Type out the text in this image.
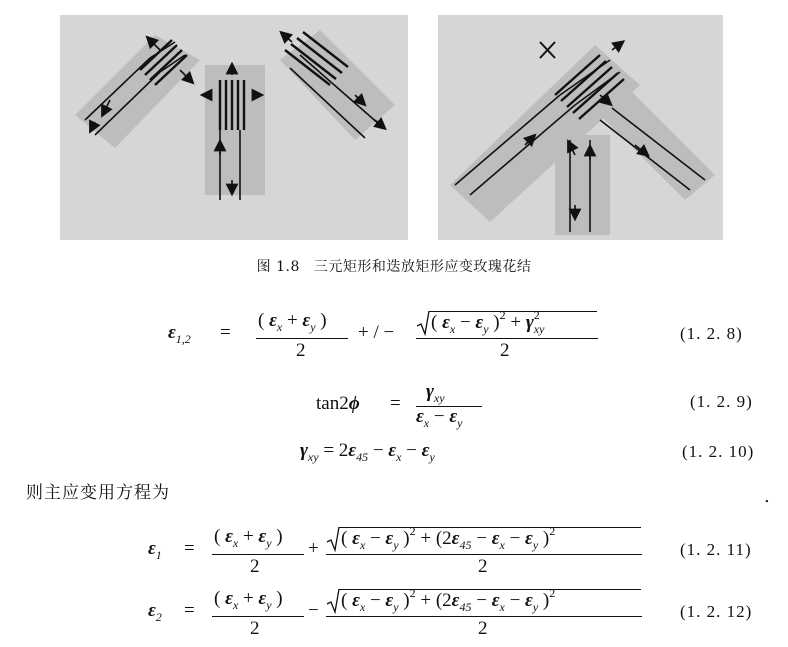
图 1.8 三元矩形和迭放矩形应变玫瑰花结
$\varepsilon_{1,2}$ =
( $\varepsilon_x + \varepsilon_y$ )
2
+ / − ( $\varepsilon_x - \varepsilon_y$ )$^2 + \gamma^2_{xy}$
2
(1. 2. 8)
tan2ϕ =
$\gamma_{xy}$
$\varepsilon_x - \varepsilon_y$
(1. 2. 9)
$\gamma_{xy} = 2\varepsilon_{45} - \varepsilon_x - \varepsilon_y$	(1. 2. 10)
则主应变用方程为	.
$\varepsilon_1$ =
( $\varepsilon_x + \varepsilon_y$ )
2
+ ( $\varepsilon_x - \varepsilon_y$ )$^2 + (2\varepsilon_{45} - \varepsilon_x - \varepsilon_y$ )$^2$
2
(1. 2. 11)
$\varepsilon_2$ =
( $\varepsilon_x + \varepsilon_y$ )
2
− ( $\varepsilon_x - \varepsilon_y$ )$^2 + (2\varepsilon_{45} - \varepsilon_x - \varepsilon_y$ )$^2$
2
(1. 2. 12)
